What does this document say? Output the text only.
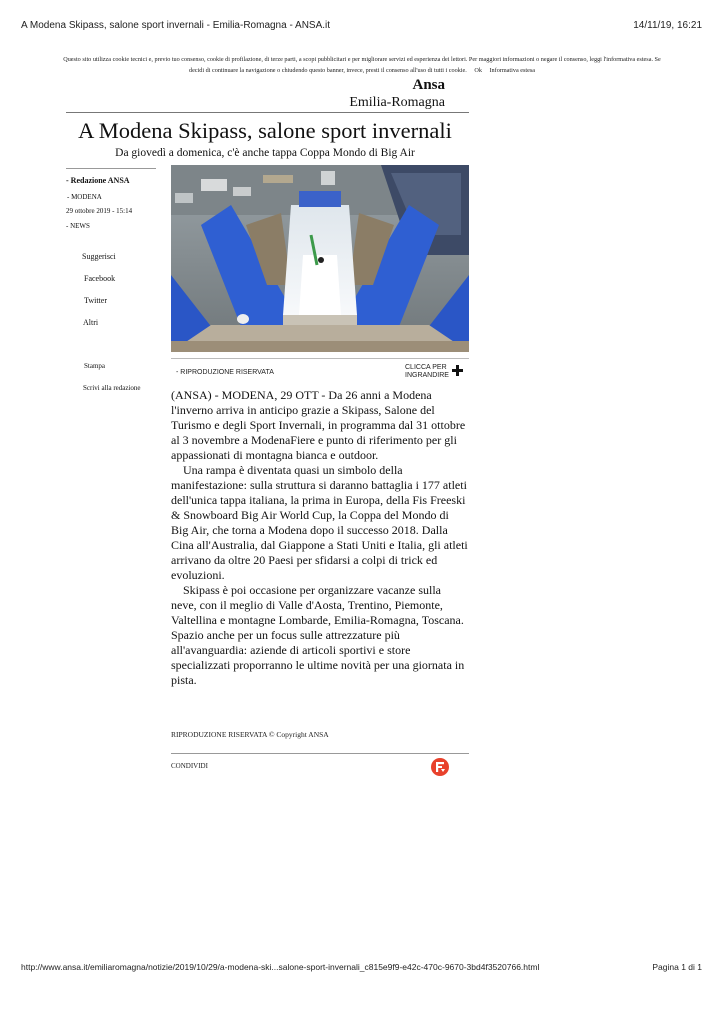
A Modena Skipass, salone sport invernali - Emilia-Romagna - ANSA.it	14/11/19, 16:21
Questo sito utilizza cookie tecnici e, previo tuo consenso, cookie di profilazione, di terze parti, a scopi pubblicitari e per migliorare servizi ed esperienza dei lettori. Per maggiori informazioni o negare il consenso, leggi l'informativa estesa. Se decidi di continuare la navigazione o chiudendo questo banner, invece, presti il consenso all'uso di tutti i cookie. Ok Informativa estesa
Ansa
Emilia-Romagna
A Modena Skipass, salone sport invernali
Da giovedì a domenica, c'è anche tappa Coppa Mondo di Big Air
- Redazione ANSA
- MODENA
29 ottobre 2019 - 15:14
- NEWS
Suggerisci
Facebook
Twitter
Altri
Stampa
Scrivi alla redazione
- RIPRODUZIONE RISERVATA
CLICCA PER INGRANDIRE

(ANSA) - MODENA, 29 OTT - Da 26 anni a Modena l'inverno arriva in anticipo grazie a Skipass, Salone del Turismo e degli Sport Invernali, in programma dal 31 ottobre al 3 novembre a ModenaFiere e punto di riferimento per gli appassionati di montagna bianca e outdoor.

Una rampa è diventata quasi un simbolo della manifestazione: sulla struttura si daranno battaglia i 177 atleti dell'unica tappa italiana, la prima in Europa, della Fis Freeski & Snowboard Big Air World Cup, la Coppa del Mondo di Big Air, che torna a Modena dopo il successo 2018. Dalla Cina all'Australia, dal Giappone a Stati Uniti e Italia, gli atleti arrivano da oltre 20 Paesi per sfidarsi a colpi di trick ed evoluzioni.

Skipass è poi occasione per organizzare vacanze sulla neve, con il meglio di Valle d'Aosta, Trentino, Piemonte, Valtellina e montagne Lombarde, Emilia-Romagna, Toscana. Spazio anche per un focus sulle attrezzature più all'avanguardia: aziende di articoli sportivi e store specializzati proporranno le ultime novità per una giornata in pista.

RIPRODUZIONE RISERVATA © Copyright ANSA
CONDIVIDI
http://www.ansa.it/emiliaromagna/notizie/2019/10/29/a-modena-ski...salone-sport-invernali_c815e9f9-e42c-470c-9670-3bd4f3520766.html	Pagina 1 di 1
